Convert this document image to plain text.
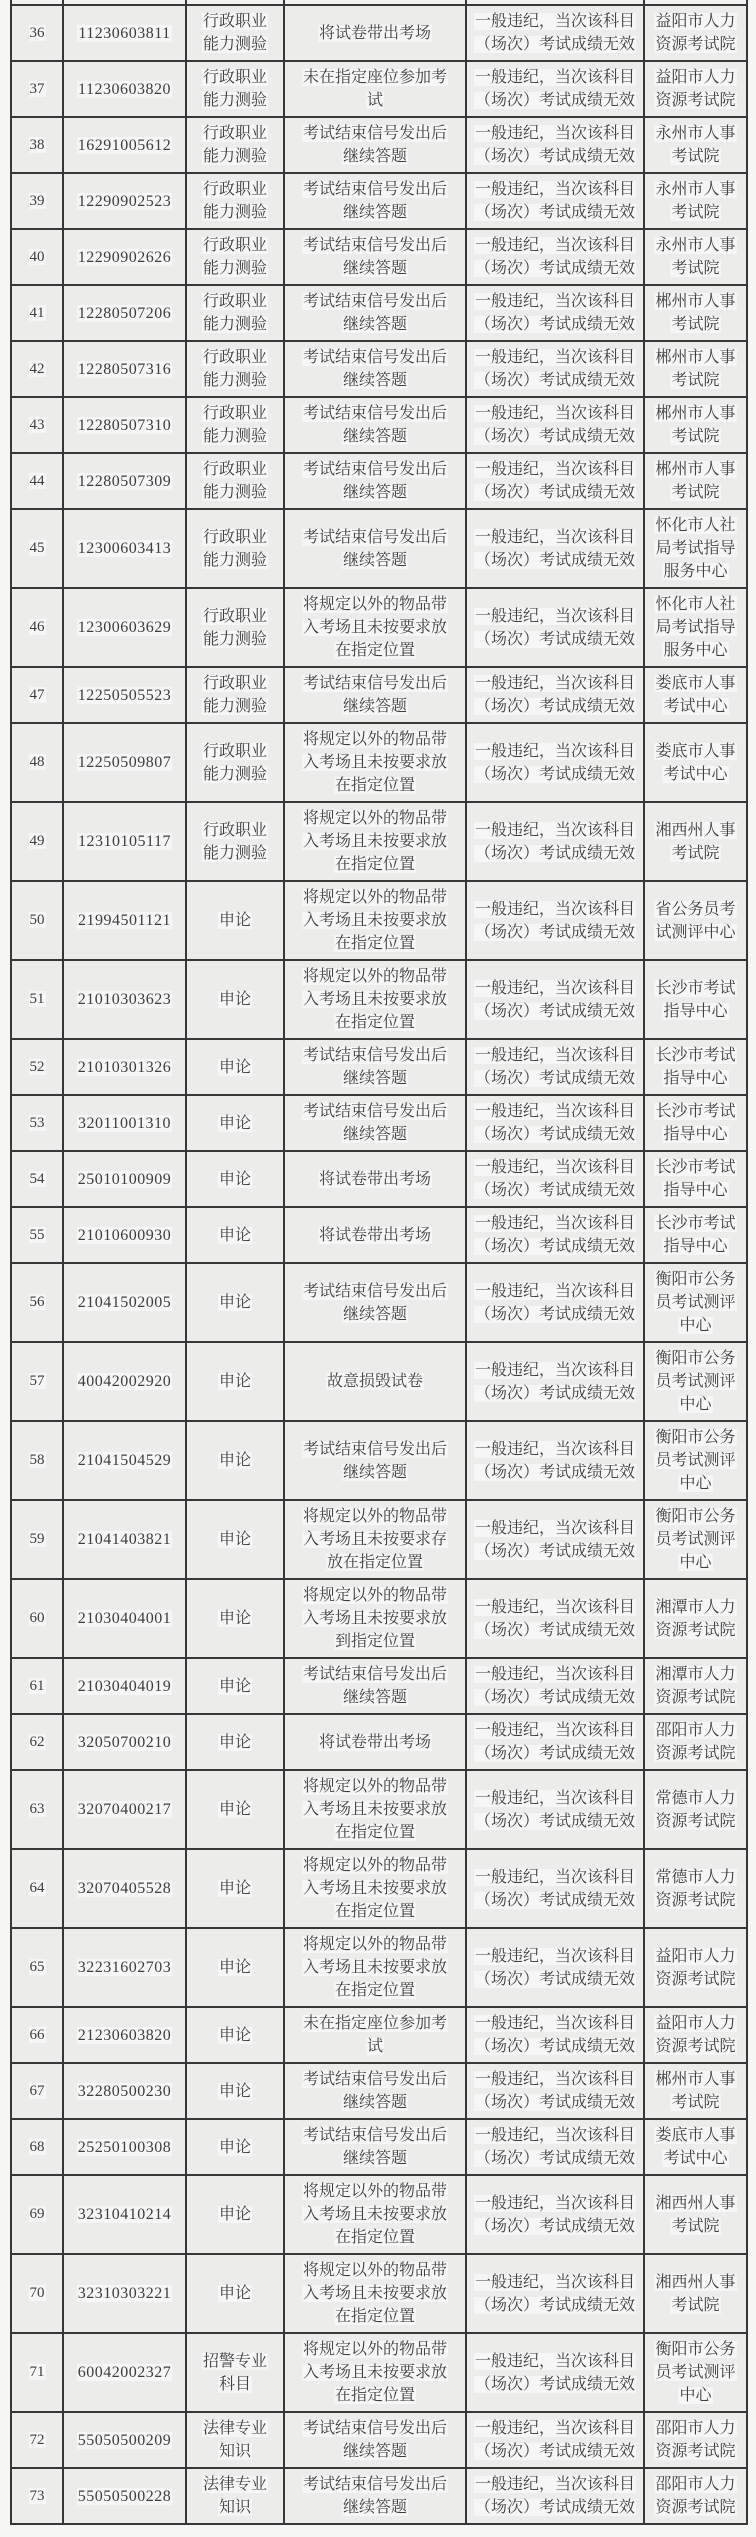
36	11230603811	行政职业能力测验	将试卷带出考场	一般违纪，当次该科目（场次）考试成绩无效	益阳市人力资源考试院
37	11230603820	行政职业能力测验	未在指定座位参加考试	一般违纪，当次该科目（场次）考试成绩无效	益阳市人力资源考试院
38	16291005612	行政职业能力测验	考试结束信号发出后继续答题	一般违纪，当次该科目（场次）考试成绩无效	永州市人事考试院
39	12290902523	行政职业能力测验	考试结束信号发出后继续答题	一般违纪，当次该科目（场次）考试成绩无效	永州市人事考试院
40	12290902626	行政职业能力测验	考试结束信号发出后继续答题	一般违纪，当次该科目（场次）考试成绩无效	永州市人事考试院
41	12280507206	行政职业能力测验	考试结束信号发出后继续答题	一般违纪，当次该科目（场次）考试成绩无效	郴州市人事考试院
42	12280507316	行政职业能力测验	考试结束信号发出后继续答题	一般违纪，当次该科目（场次）考试成绩无效	郴州市人事考试院
43	12280507310	行政职业能力测验	考试结束信号发出后继续答题	一般违纪，当次该科目（场次）考试成绩无效	郴州市人事考试院
44	12280507309	行政职业能力测验	考试结束信号发出后继续答题	一般违纪，当次该科目（场次）考试成绩无效	郴州市人事考试院
45	12300603413	行政职业能力测验	考试结束信号发出后继续答题	一般违纪，当次该科目（场次）考试成绩无效	怀化市人社局考试指导服务中心
46	12300603629	行政职业能力测验	将规定以外的物品带入考场且未按要求放在指定位置	一般违纪，当次该科目（场次）考试成绩无效	怀化市人社局考试指导服务中心
47	12250505523	行政职业能力测验	考试结束信号发出后继续答题	一般违纪，当次该科目（场次）考试成绩无效	娄底市人事考试中心
48	12250509807	行政职业能力测验	将规定以外的物品带入考场且未按要求放在指定位置	一般违纪，当次该科目（场次）考试成绩无效	娄底市人事考试中心
49	12310105117	行政职业能力测验	将规定以外的物品带入考场且未按要求放在指定位置	一般违纪，当次该科目（场次）考试成绩无效	湘西州人事考试院
50	21994501121	申论	将规定以外的物品带入考场且未按要求放在指定位置	一般违纪，当次该科目（场次）考试成绩无效	省公务员考试测评中心
51	21010303623	申论	将规定以外的物品带入考场且未按要求放在指定位置	一般违纪，当次该科目（场次）考试成绩无效	长沙市考试指导中心
52	21010301326	申论	考试结束信号发出后继续答题	一般违纪，当次该科目（场次）考试成绩无效	长沙市考试指导中心
53	32011001310	申论	考试结束信号发出后继续答题	一般违纪，当次该科目（场次）考试成绩无效	长沙市考试指导中心
54	25010100909	申论	将试卷带出考场	一般违纪，当次该科目（场次）考试成绩无效	长沙市考试指导中心
55	21010600930	申论	将试卷带出考场	一般违纪，当次该科目（场次）考试成绩无效	长沙市考试指导中心
56	21041502005	申论	考试结束信号发出后继续答题	一般违纪，当次该科目（场次）考试成绩无效	衡阳市公务员考试测评中心
57	40042002920	申论	故意损毁试卷	一般违纪，当次该科目（场次）考试成绩无效	衡阳市公务员考试测评中心
58	21041504529	申论	考试结束信号发出后继续答题	一般违纪，当次该科目（场次）考试成绩无效	衡阳市公务员考试测评中心
59	21041403821	申论	将规定以外的物品带入考场且未按要求存放在指定位置	一般违纪，当次该科目（场次）考试成绩无效	衡阳市公务员考试测评中心
60	21030404001	申论	将规定以外的物品带入考场且未按要求放到指定位置	一般违纪，当次该科目（场次）考试成绩无效	湘潭市人力资源考试院
61	21030404019	申论	考试结束信号发出后继续答题	一般违纪，当次该科目（场次）考试成绩无效	湘潭市人力资源考试院
62	32050700210	申论	将试卷带出考场	一般违纪，当次该科目（场次）考试成绩无效	邵阳市人力资源考试院
63	32070400217	申论	将规定以外的物品带入考场且未按要求放在指定位置	一般违纪，当次该科目（场次）考试成绩无效	常德市人力资源考试院
64	32070405528	申论	将规定以外的物品带入考场且未按要求放在指定位置	一般违纪，当次该科目（场次）考试成绩无效	常德市人力资源考试院
65	32231602703	申论	将规定以外的物品带入考场且未按要求放在指定位置	一般违纪，当次该科目（场次）考试成绩无效	益阳市人力资源考试院
66	21230603820	申论	未在指定座位参加考试	一般违纪，当次该科目（场次）考试成绩无效	益阳市人力资源考试院
67	32280500230	申论	考试结束信号发出后继续答题	一般违纪，当次该科目（场次）考试成绩无效	郴州市人事考试院
68	25250100308	申论	考试结束信号发出后继续答题	一般违纪，当次该科目（场次）考试成绩无效	娄底市人事考试中心
69	32310410214	申论	将规定以外的物品带入考场且未按要求放在指定位置	一般违纪，当次该科目（场次）考试成绩无效	湘西州人事考试院
70	32310303221	申论	将规定以外的物品带入考场且未按要求放在指定位置	一般违纪，当次该科目（场次）考试成绩无效	湘西州人事考试院
71	60042002327	招警专业科目	将规定以外的物品带入考场且未按要求放在指定位置	一般违纪，当次该科目（场次）考试成绩无效	衡阳市公务员考试测评中心
72	55050500209	法律专业知识	考试结束信号发出后继续答题	一般违纪，当次该科目（场次）考试成绩无效	邵阳市人力资源考试院
73	55050500228	法律专业知识	考试结束信号发出后继续答题	一般违纪，当次该科目（场次）考试成绩无效	邵阳市人力资源考试院
